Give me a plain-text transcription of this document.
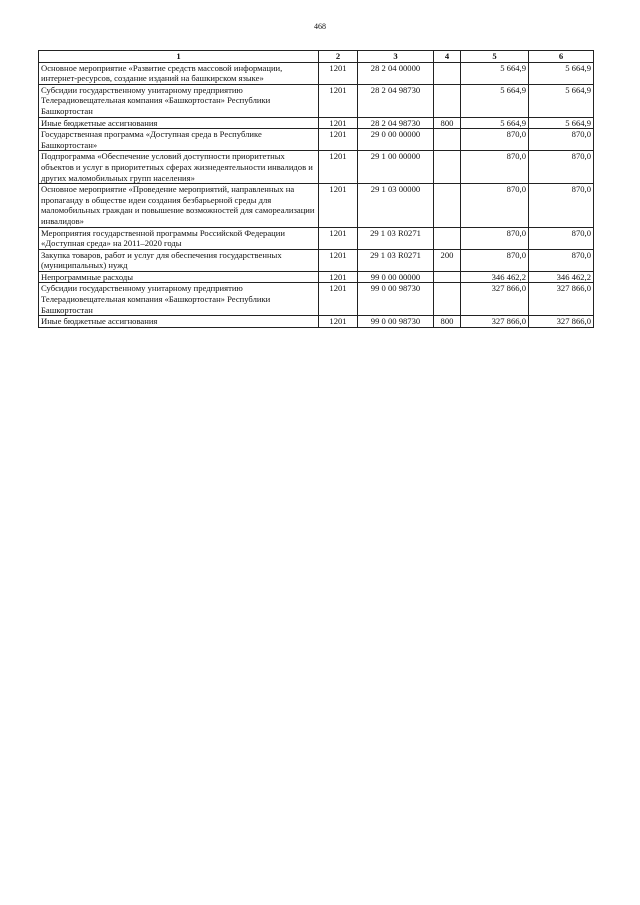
468
1	2	3	4	5	6
Основное мероприятие «Развитие средств массовой информации, интернет-ресурсов, создание изданий на башкирском языке»	1201	28 2 04 00000		5 664,9	5 664,9
Субсидии государственному унитарному предприятию Телерадиовещательная компания «Башкортостан» Республики Башкортостан	1201	28 2 04 98730		5 664,9	5 664,9
Иные бюджетные ассигнования	1201	28 2 04 98730	800	5 664,9	5 664,9
Государственная программа «Доступная среда в Республике Башкортостан»	1201	29 0 00 00000		870,0	870,0
Подпрограмма «Обеспечение условий доступности приоритетных объектов и услуг в приоритетных сферах жизнедеятельности инвалидов и других маломобильных групп населения»	1201	29 1 00 00000		870,0	870,0
Основное мероприятие «Проведение мероприятий, направленных на пропаганду в обществе идеи создания безбарьерной среды для маломобильных граждан и повышение возможностей для самореализации инвалидов»	1201	29 1 03 00000		870,0	870,0
Мероприятия государственной программы Российской Федерации «Доступная среда» на 2011–2020 годы	1201	29 1 03 R0271		870,0	870,0
Закупка товаров, работ и услуг для обеспечения государственных (муниципальных) нужд	1201	29 1 03 R0271	200	870,0	870,0
Непрограммные расходы	1201	99 0 00 00000		346 462,2	346 462,2
Субсидии государственному унитарному предприятию Телерадиовещательная компания «Башкортостан» Республики Башкортостан	1201	99 0 00 98730		327 866,0	327 866,0
Иные бюджетные ассигнования	1201	99 0 00 98730	800	327 866,0	327 866,0
